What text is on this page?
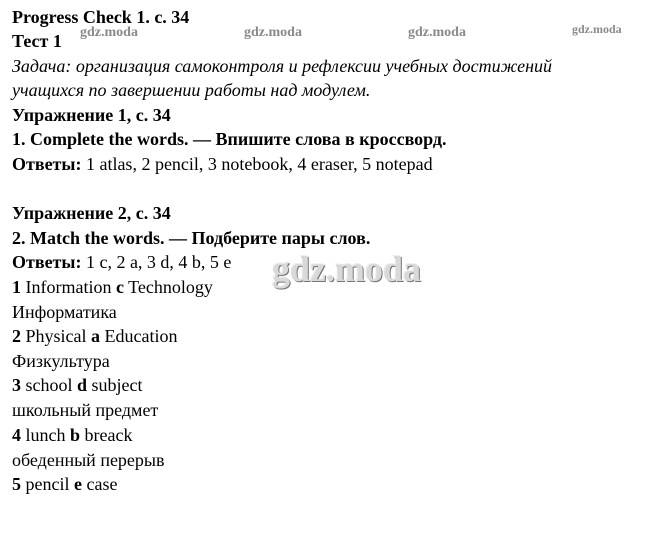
Progress Check 1. с. 34
Тест 1
Задача: организация самоконтроля и рефлексии учебных достижений
учащихся по завершении работы над модулем.
Упражнение 1, с. 34
1. Complete the words. — Впишите слова в кроссворд.
Ответы: 1 atlas, 2 pencil, 3 notebook, 4 eraser, 5 notepad
Упражнение 2, с. 34
2. Match the words. — Подберите пары слов.
Ответы: 1 c, 2 a, 3 d, 4 b, 5 e
1 Information c Technology
Информатика
2 Physical a Education
Физкультура
3 school d subject
школьный предмет
4 lunch b breack
обеденный перерыв
5 pencil e case
gdz.moda	gdz.moda	gdz.moda	gdz.moda
gdz.moda
